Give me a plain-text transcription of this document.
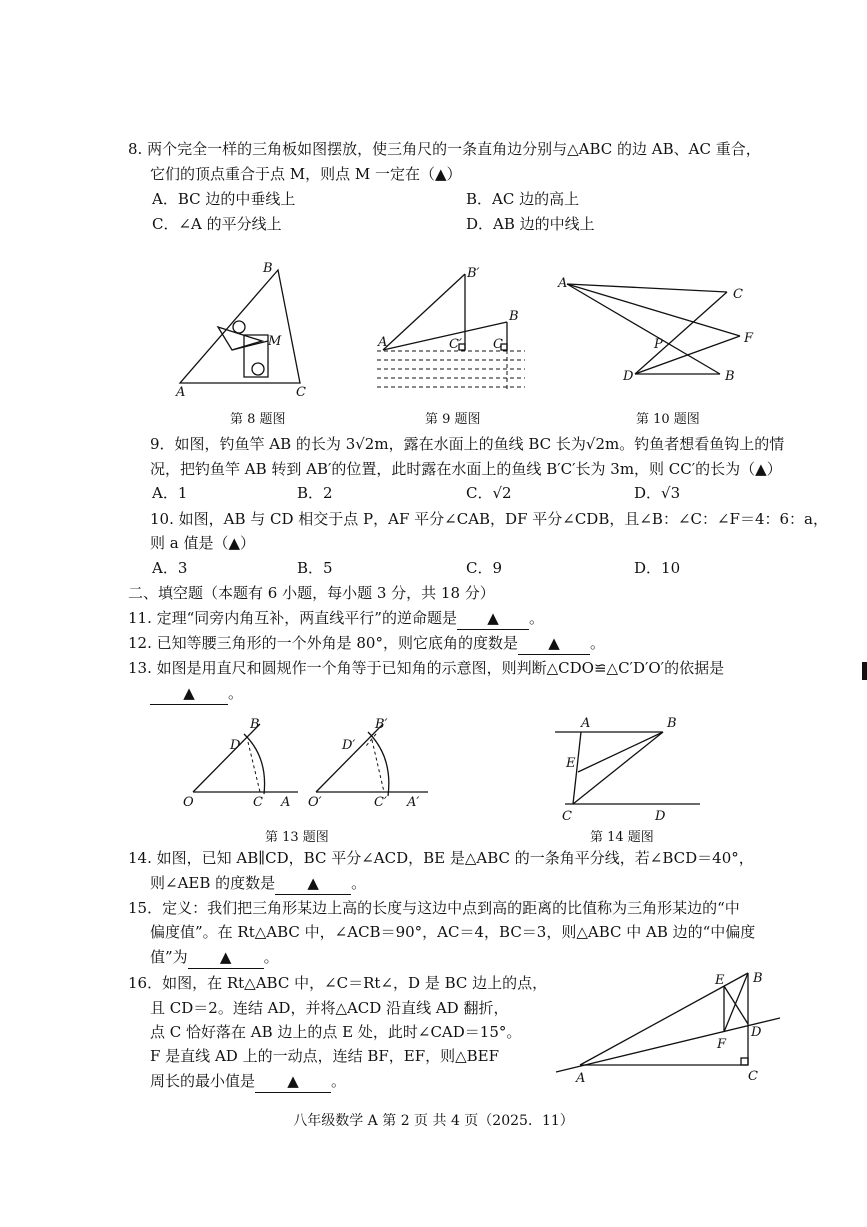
8. 两个完全一样的三角板如图摆放，使三角尺的一条直角边分别与△ABC 的边 AB、AC 重合，
它们的顶点重合于点 M，则点 M 一定在（▲）
A．BC 边的中垂线上	B．AC 边的高上
C．∠A 的平分线上	D．AB 边的中线上
B
M
A	C
B′
B
A	C′ C
A
C
F
P
D	B
第 8 题图	第 9 题图	第 10 题图
9．如图，钓鱼竿 AB 的长为 3√2m，露在水面上的鱼线 BC 长为√2m。钓鱼者想看鱼钩上的情
况，把钓鱼竿 AB 转到 AB′的位置，此时露在水面上的鱼线 B′C′长为 3m，则 CC′的长为（▲）
A．1	B．2	C．√2	D．√3
10. 如图，AB 与 CD 相交于点 P，AF 平分∠CAB，DF 平分∠CDB，且∠B：∠C：∠F＝4：6：a，
则 a 值是（▲）
A．3	B．5	C．9	D．10
二、填空题（本题有 6 小题，每小题 3 分，共 18 分）
11. 定理“同旁内角互补，两直线平行”的逆命题是 ▲ 。
12. 已知等腰三角形的一个外角是 80°，则它底角的度数是 ▲ 。
13. 如图是用直尺和圆规作一个角等于已知角的示意图，则判断△CDO≌△C′D′O′的依据是
▲ 。
B
D
O	C A
B′
D′
O′	C′ A′
A	B
E
C	D
第 13 题图	第 14 题图
14. 如图，已知 AB∥CD，BC 平分∠ACD，BE 是△ABC 的一条角平分线，若∠BCD＝40°，
则∠AEB 的度数是 ▲ 。
15．定义：我们把三角形某边上高的长度与这边中点到高的距离的比值称为三角形某边的“中
偏度值”。在 Rt△ABC 中，∠ACB＝90°，AC＝4，BC＝3，则△ABC 中 AB 边的“中偏度
值”为 ▲ 。
16．如图，在 Rt△ABC 中，∠C＝Rt∠，D 是 BC 边上的点，
且 CD＝2。连结 AD，并将△ACD 沿直线 AD 翻折，
点 C 恰好落在 AB 边上的点 E 处，此时∠CAD＝15°。
F 是直线 AD 上的一动点，连结 BF，EF，则△BEF
周长的最小值是 ▲ 。
E B
D
F
A	C
八年级数学 A 第 2 页 共 4 页（2025．11）
